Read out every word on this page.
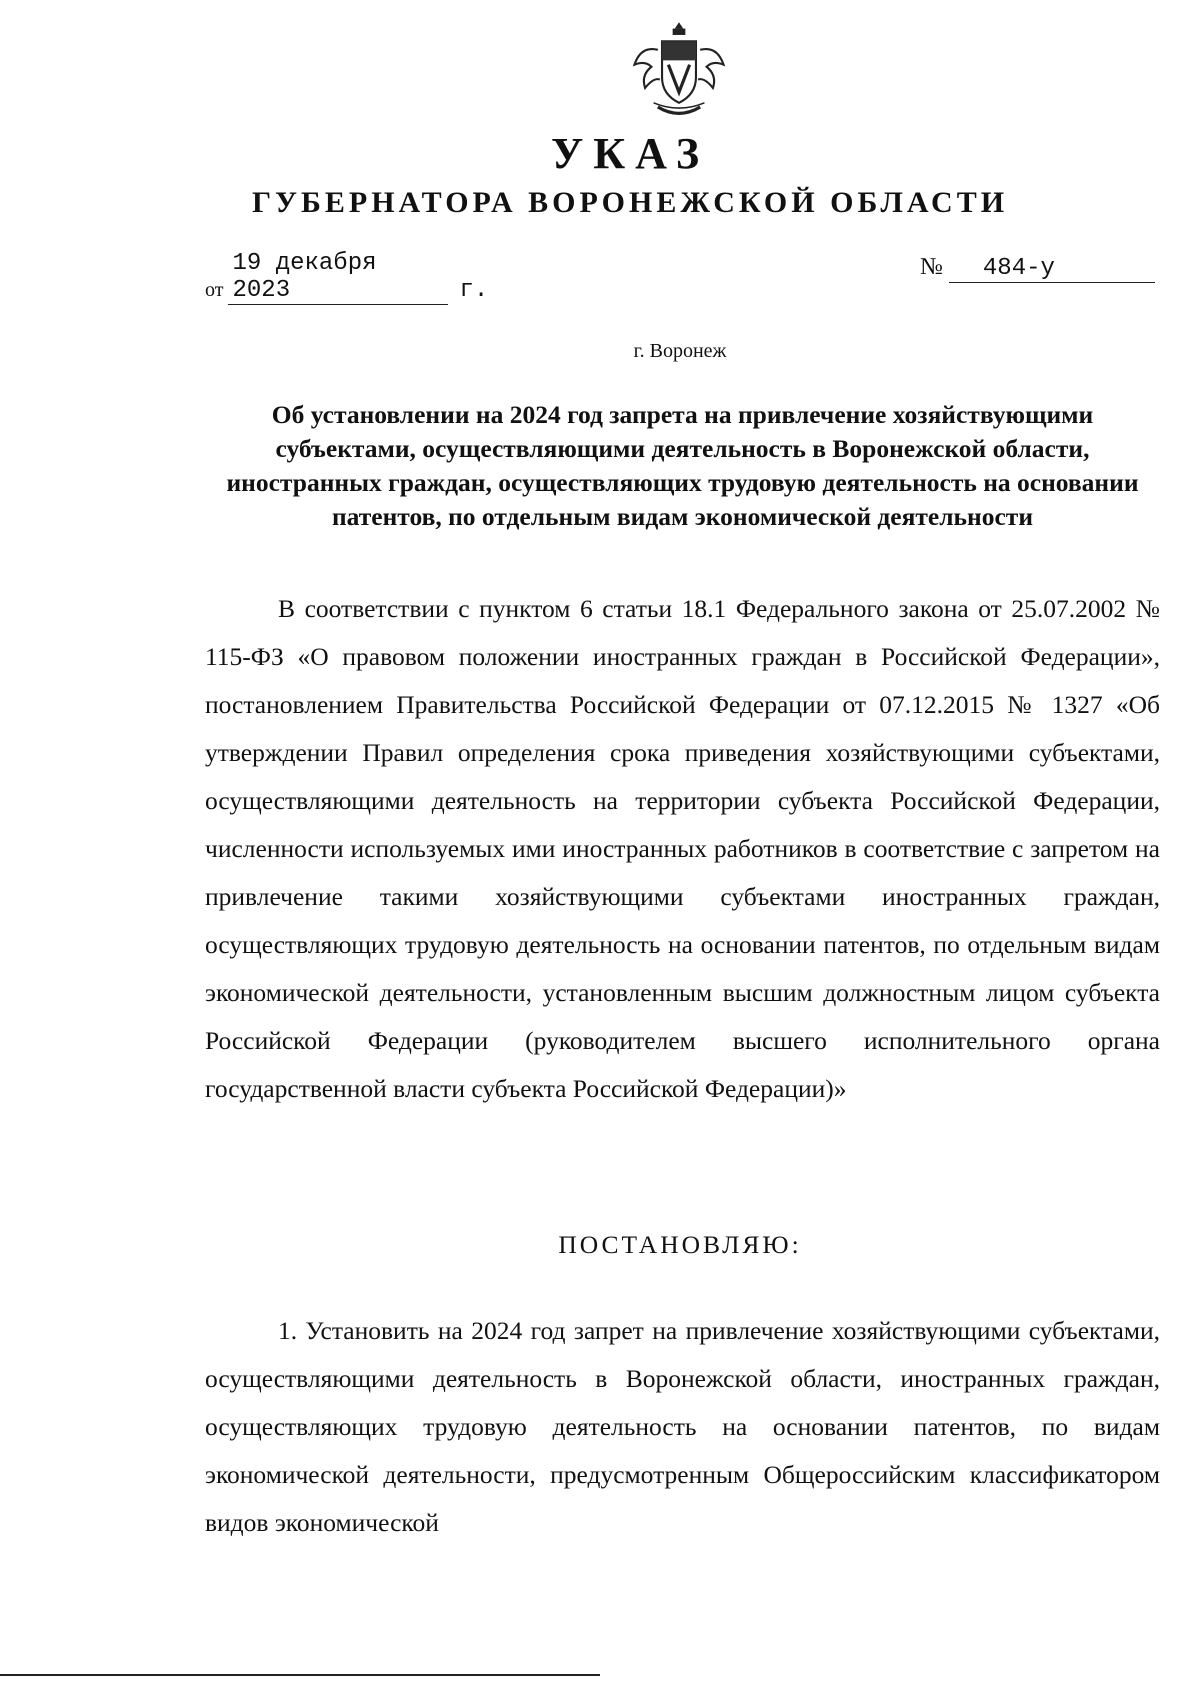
УКАЗ
ГУБЕРНАТОРА ВОРОНЕЖСКОЙ ОБЛАСТИ
от 19 декабря 2023	г.
№ 484-у
г. Воронеж
Об установлении на 2024 год запрета на привлечение хозяйствующими субъектами, осуществляющими деятельность в Воронежской области, иностранных граждан, осуществляющих трудовую деятельность на основании патентов, по отдельным видам экономической деятельности
В соответствии с пунктом 6 статьи 18.1 Федерального закона от 25.07.2002 № 115-ФЗ «О правовом положении иностранных граждан в Российской Федерации», постановлением Правительства Российской Федерации от 07.12.2015 № 1327 «Об утверждении Правил определения срока приведения хозяйствующими субъектами, осуществляющими деятельность на территории субъекта Российской Федерации, численности используемых ими иностранных работников в соответствие с запретом на привлечение такими хозяйствующими субъектами иностранных граждан, осуществляющих трудовую деятельность на основании патентов, по отдельным видам экономической деятельности, установленным высшим должностным лицом субъекта Российской Федерации (руководителем высшего исполнительного органа государственной власти субъекта Российской Федерации)»
ПОСТАНОВЛЯЮ:
1. Установить на 2024 год запрет на привлечение хозяйствующими субъектами, осуществляющими деятельность в Воронежской области, иностранных граждан, осуществляющих трудовую деятельность на основании патентов, по видам экономической деятельности, предусмотренным Общероссийским классификатором видов экономической
